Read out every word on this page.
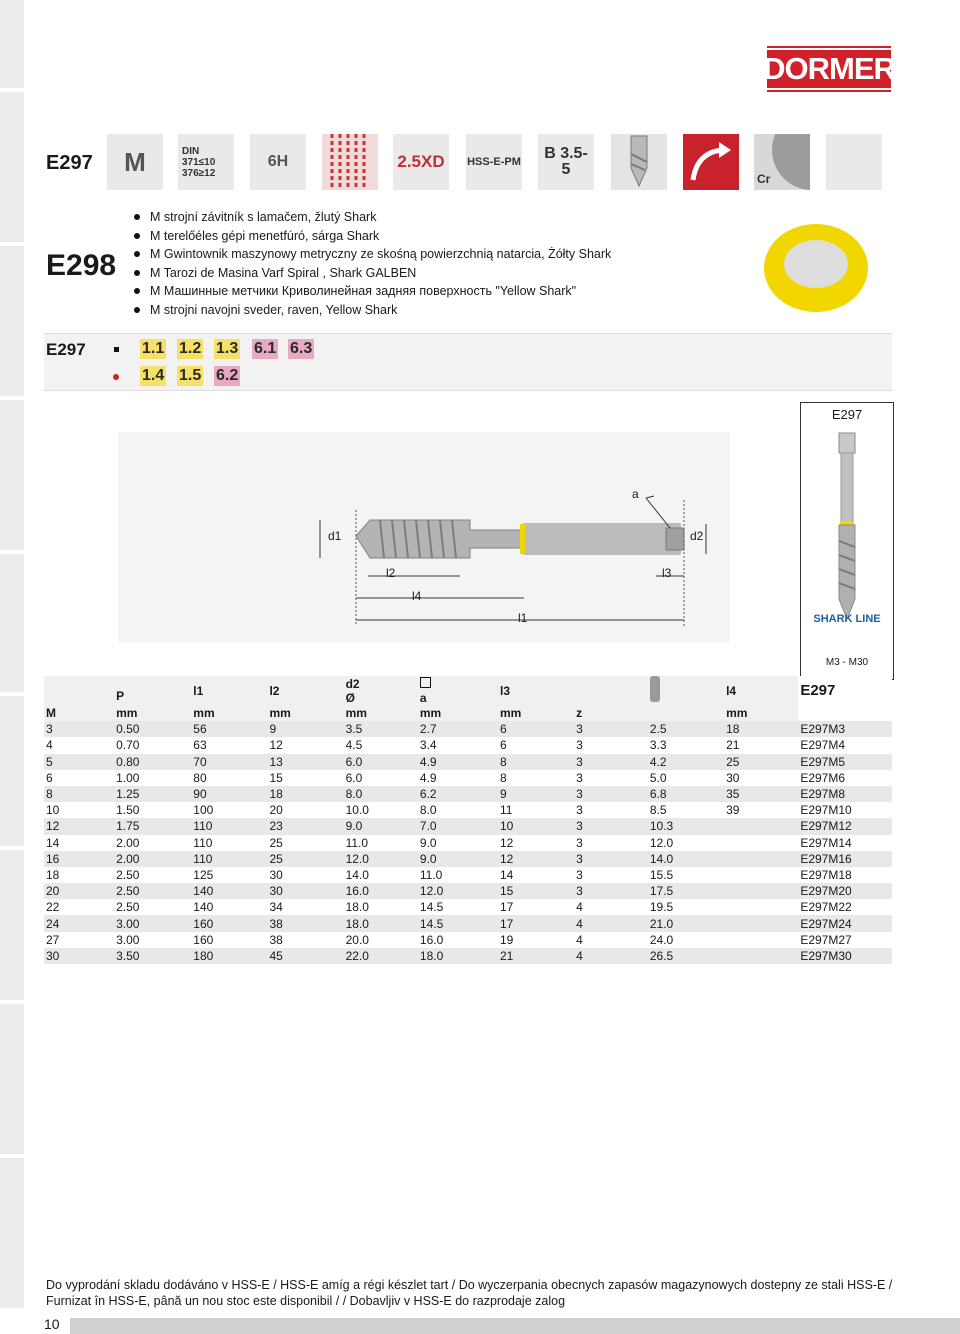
DORMER
E297
E298
M	DIN 371≤10 376≥12
6H	2.5XD HSS-E-PM B 3.5-5
Cr
M strojní závitník s lamačem, žlutý Shark
M terelőéles gépi menetfúró, sárga Shark
M Gwintownik maszynowy metryczny ze skośną powierzchnią natarcia, Żółty Shark
M Tarozi de Masina Varf Spiral , Shark GALBEN
M Машинные метчики Криволинейная задняя поверхность "Yellow Shark"
M strojni navojni sveder, raven, Yellow Shark
E297	1.1 1.2 1.3 6.1 6.3
1.4 1.5 6.2
a
d1	d2
l2	l3
l4
l1
E297
SHARK LINE
M3 - M30

	P	l1	l2	d2
Ø	a	l3			l4	E297

M	mm	mm	mm	mm	mm	mm	z		mm	
3	0.50	56	9	3.5	2.7	6	3	2.5	18	E297M3
4	0.70	63	12	4.5	3.4	6	3	3.3	21	E297M4
5	0.80	70	13	6.0	4.9	8	3	4.2	25	E297M5
6	1.00	80	15	6.0	4.9	8	3	5.0	30	E297M6
8	1.25	90	18	8.0	6.2	9	3	6.8	35	E297M8
10	1.50	100	20	10.0	8.0	11	3	8.5	39	E297M10
12	1.75	110	23	9.0	7.0	10	3	10.3		E297M12
14	2.00	110	25	11.0	9.0	12	3	12.0		E297M14
16	2.00	110	25	12.0	9.0	12	3	14.0		E297M16
18	2.50	125	30	14.0	11.0	14	3	15.5		E297M18
20	2.50	140	30	16.0	12.0	15	3	17.5		E297M20
22	2.50	140	34	18.0	14.5	17	4	19.5		E297M22
24	3.00	160	38	18.0	14.5	17	4	21.0		E297M24
27	3.00	160	38	20.0	16.0	19	4	24.0		E297M27
30	3.50	180	45	22.0	18.0	21	4	26.5		E297M30
Do vyprodání skladu dodáváno v HSS-E / HSS-E amíg a régi készlet tart / Do wyczerpania obecnych zapasów magazynowych dostepny ze stali HSS-E / Furnizat în HSS-E, până un nou stoc este disponibil / / Dobavljiv v HSS-E do razprodaje zalog
10
